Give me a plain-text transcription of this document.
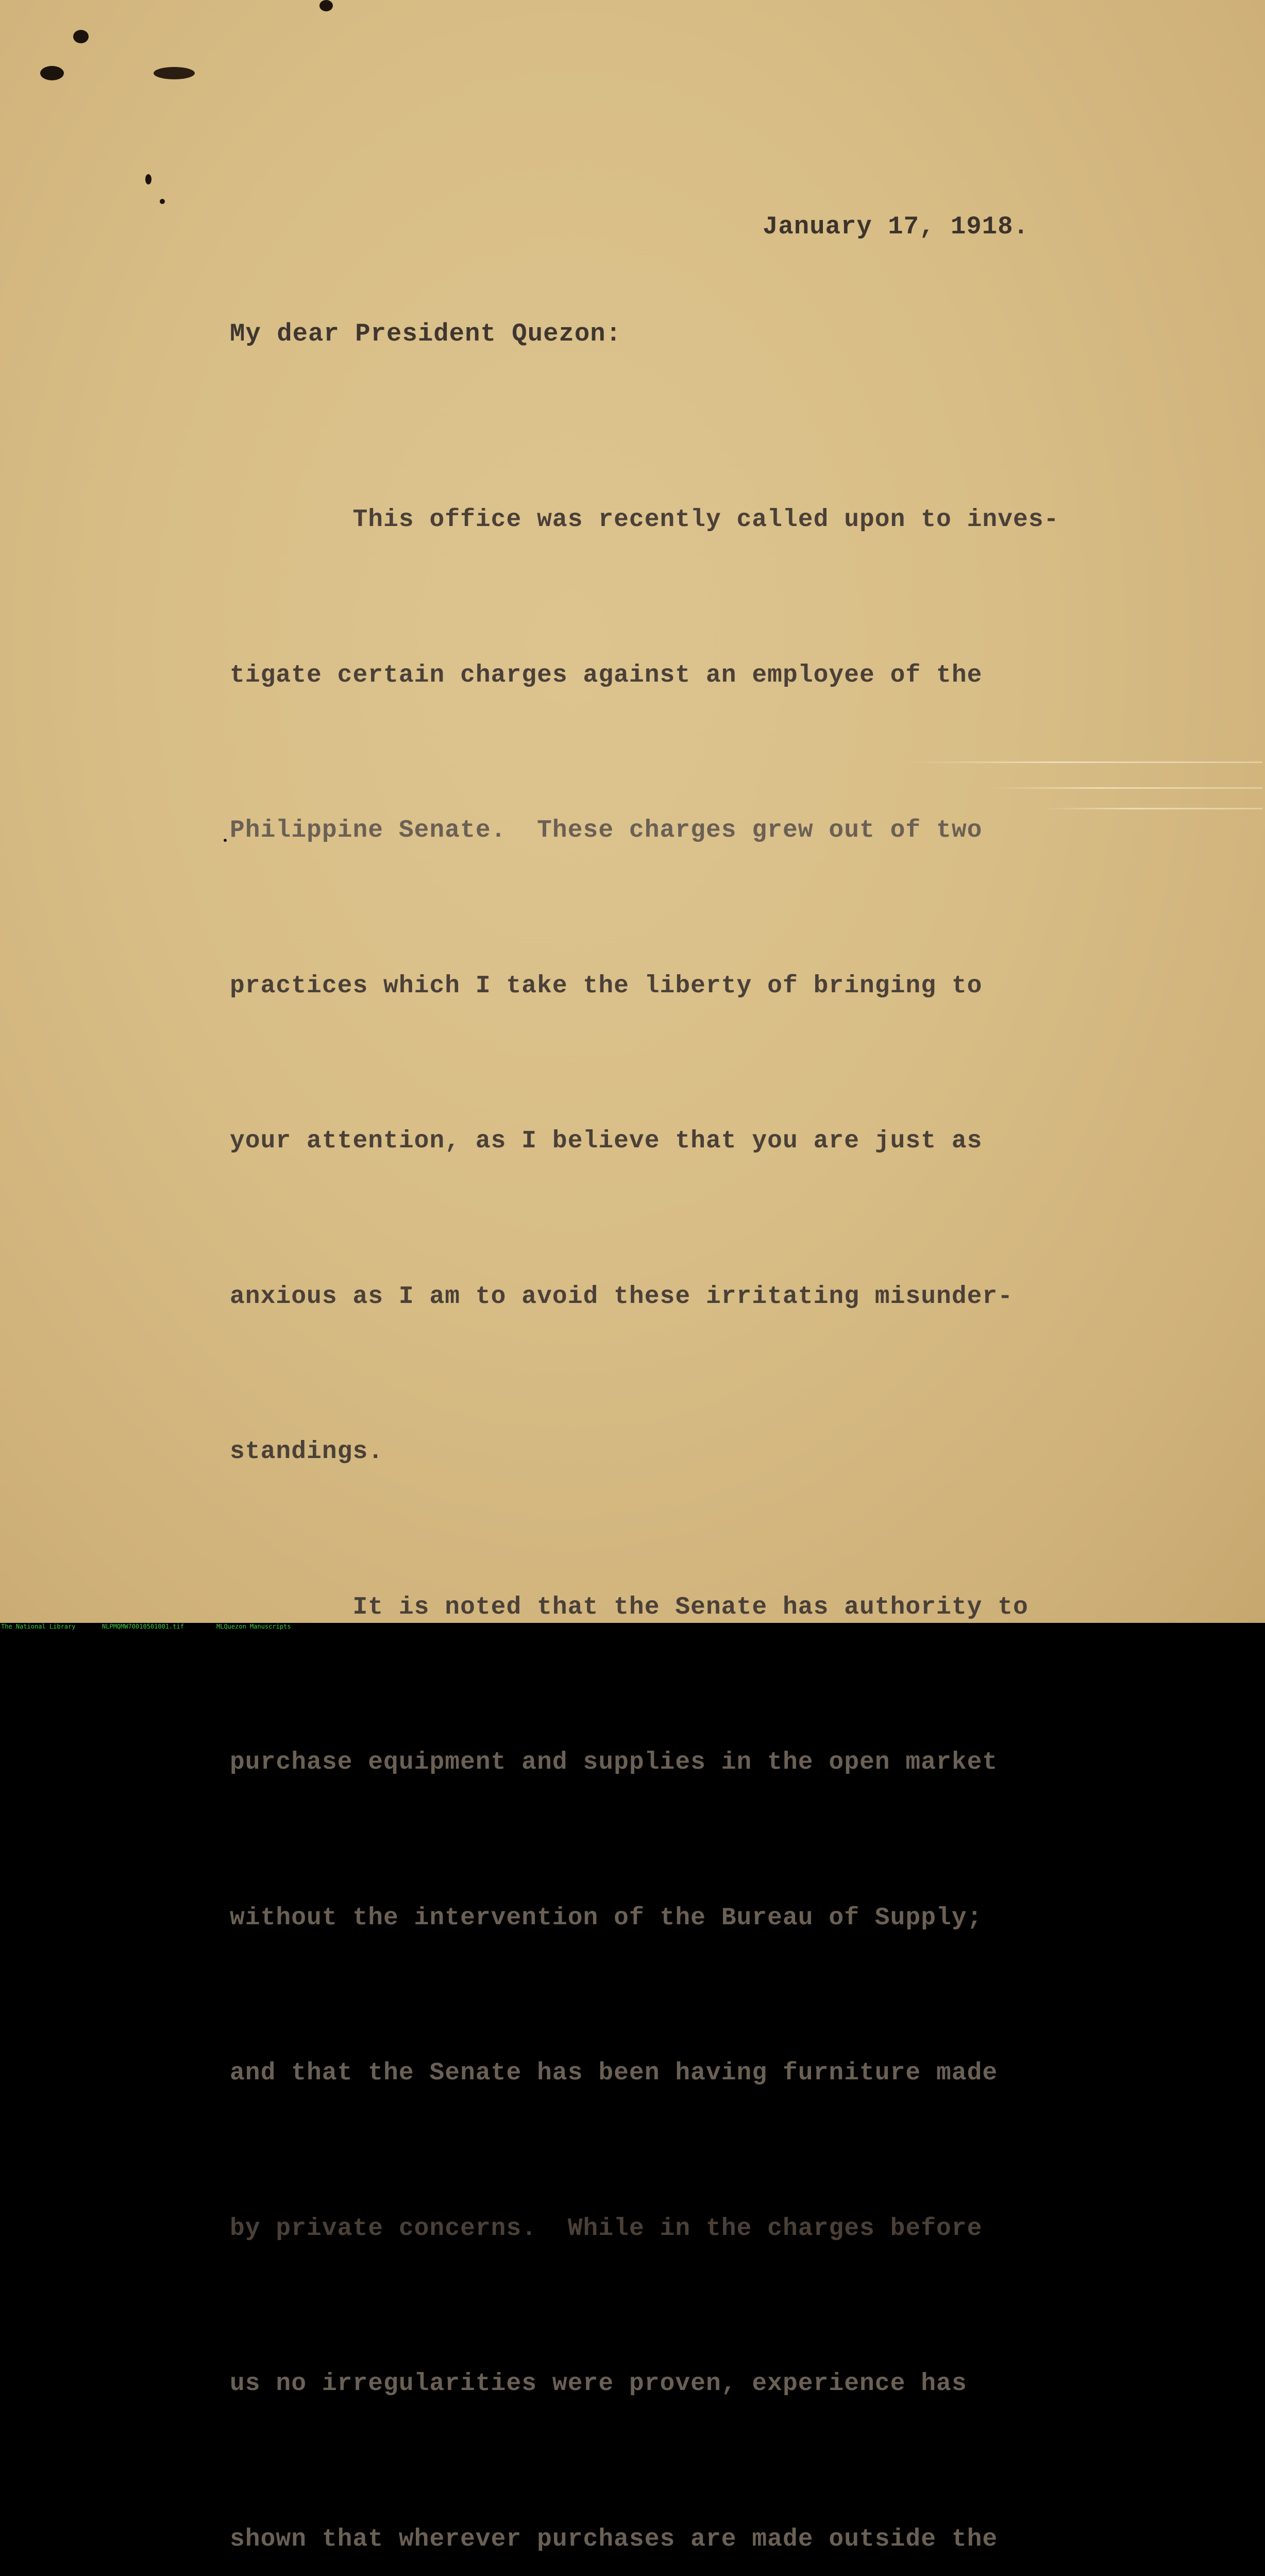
January 17, 1918.
My dear President Quezon:

This office was recently called upon to inves-

tigate certain charges against an employee of the

Philippine Senate.  These charges grew out of two

practices which I take the liberty of bringing to

your attention, as I believe that you are just as

anxious as I am to avoid these irritating misunder-

standings.

It is noted that the Senate has authority to

purchase equipment and supplies in the open market

without the intervention of the Bureau of Supply;

and that the Senate has been having furniture made

by private concerns.  While in the charges before

us no irregularities were proven, experience has

shown that wherever purchases are made outside the

The National Library

	NLPMQMW70010501001.tif

	MLQuezon Manuscripts
